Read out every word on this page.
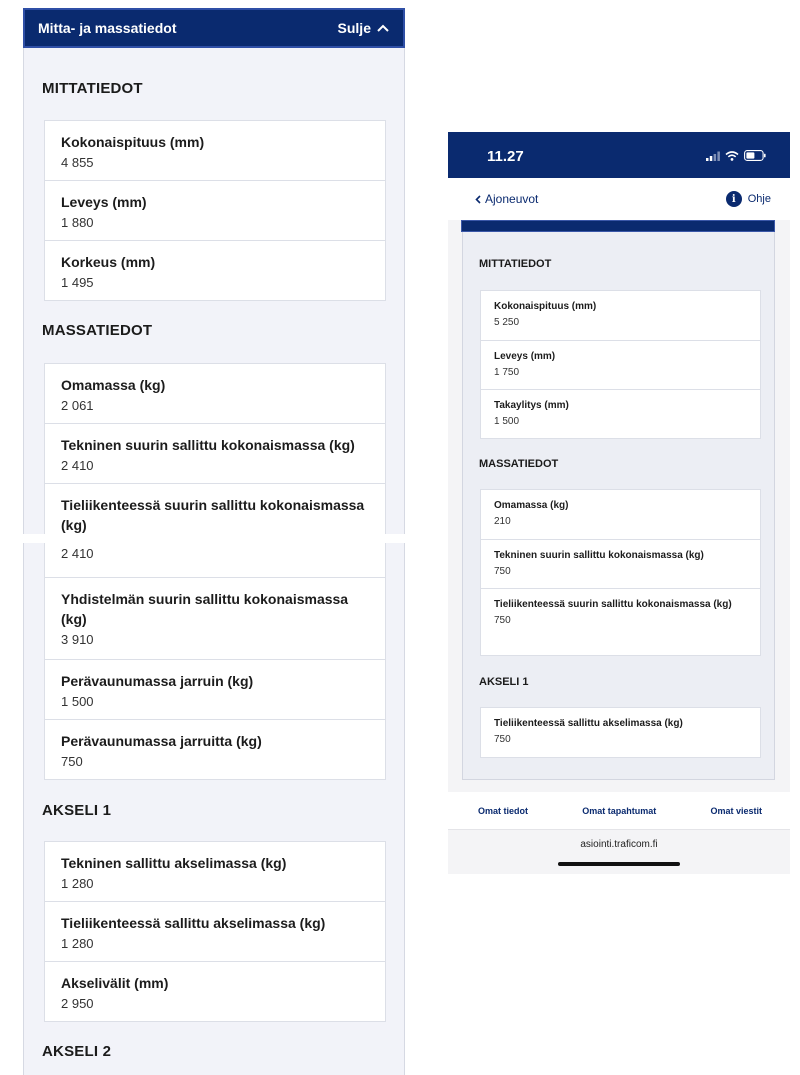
Mitta- ja massatiedot	Sulje
MITTATIEDOT
Kokonaispituus (mm)
4 855
Leveys (mm)
1 880
Korkeus (mm)
1 495
MASSATIEDOT
Omamassa (kg)
2 061
Tekninen suurin sallittu kokonaismassa (kg)
2 410
Tieliikenteessä suurin sallittu kokonaismassa (kg)
2 410
Yhdistelmän suurin sallittu kokonaismassa (kg)
3 910
Perävaunumassa jarruin (kg)
1 500
Perävaunumassa jarruitta (kg)
750
AKSELI 1
Tekninen sallittu akselimassa (kg)
1 280
Tieliikenteessä sallittu akselimassa (kg)
1 280
Akselivälit (mm)
2 950
AKSELI 2
11.27
Ajoneuvot	i	Ohje
MITTATIEDOT
Kokonaispituus (mm)
5 250
Leveys (mm)
1 750
Takaylitys (mm)
1 500
MASSATIEDOT
Omamassa (kg)
210
Tekninen suurin sallittu kokonaismassa (kg)
750
Tieliikenteessä suurin sallittu kokonaismassa (kg)
750
AKSELI 1
Tieliikenteessä sallittu akselimassa (kg)
750
Omat tiedot	Omat tapahtumat	Omat viestit
asiointi.traficom.fi
